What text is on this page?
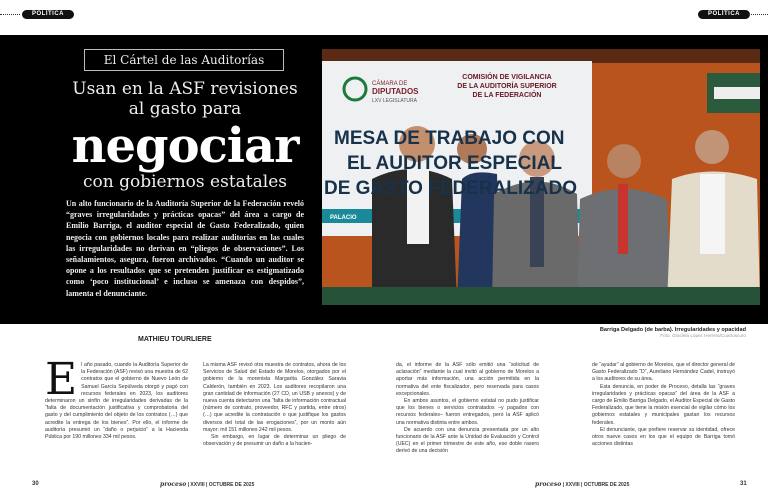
POLÍTICA	POLÍTICA
El Cártel de las Auditorías
Usan en la ASF revisiones
al gasto para
negociar
con gobiernos estatales
Un alto funcionario de la Auditoría Superior de la Federación reveló “graves irregularidades y prácticas opacas” del área a cargo de Emilio Barriga, el auditor especial de Gasto Federalizado, quien negocia con gobiernos locales para realizar auditorías en las cuales las irregularidades no derivan en “pliegos de observaciones”. Los señalamientos, asegura, fueron archivados. “Cuando un auditor se opone a los resultados que se pretenden justificar es estigmatizado como ‘poco institucional’ e incluso se amenaza con despidos”, lamenta el denunciante.
CÁMARA DE
DIPUTADOS
LXV LEGISLATURA
COMISIÓN DE VIGILANCIA
DE LA AUDITORÍA SUPERIOR
DE LA FEDERACIÓN
MESA DE TRABAJO CON
EL AUDITOR ESPECIAL
DE GASTO FEDERALIZADO
PALACIO
Barriga Delgado (de barba). Irregularidades y opacidad
Foto: Graciela López Herrera/Cuartoscuro
MATHIEU TOURLIERE
El año pasado, cuando la Auditoría Superior de la Federación (ASF) revisó una muestra de 62 contratos que el gobierno de Nuevo León de Samuel García Sepúlveda otorgó y pagó con recursos federales en 2023, los auditores determinaron un sinfín de irregularidades derivadas de la “falta de documentación justificativa y comprobatoria del gasto y del cumplimiento del objeto de los contratos (…) que acredite la entrega de los bienes”. Por ello, el informe de auditoría presumió un “daño o perjuicio” a la Hacienda Pública por 190 millones 334 mil pesos.

La misma ASF revisó otra muestra de contratos, ahora de los Servicios de Salud del Estado de Morelos, otorgados por el gobierno de la morenista Margarita González Saravia Calderón, también en 2023. Los auditores recopilaron una gran cantidad de información (27 CD, un USB y anexos) y de nueva cuenta detectaron una “falta de información contractual (número de contrato, proveedor, RFC y partida, entre otros) (…) que acredite la contratación o que justifique los gastos diversos del total de las erogaciones”, por un monto aún mayor: mil 151 millones 242 mil pesos.

Sin embargo, en lugar de determinar un pliego de observación y de presumir un daño a la hacien-

da, el informe de la ASF sólo emitió una “solicitud de aclaración” mediante la cual invitó al gobierno de Morelos a aportar más información, una acción permitida en la normativa del ente fiscalizador, pero reservada para casos excepcionales.

En ambos asuntos, el gobierno estatal no pudo justificar que los bienes o servicios contratados –y pagados con recursos federales– fueron entregados, pero la ASF aplicó una normativa distinta entre ambos.

De acuerdo con una denuncia presentada por un alto funcionario de la ASF ante la Unidad de Evaluación y Control (UEC) en el primer trimestre de este año, ese doble rasero derivó de una decisión

de “ayudar” al gobierno de Morelos, que el director general de Gasto Federalizado “D”, Aureliano Hernández Cadel, instruyó a los auditores de su área.

Esta denuncia, en poder de Proceso, detalla las “graves irregularidades y prácticas opacas” del área de la ASF a cargo de Emilio Barriga Delgado, el Auditor Especial de Gasto Federalizado, que tiene la misión esencial de vigilar cómo los gobiernos estatales y municipales gastan los recursos federales.

El denunciante, que prefiere reservar su identidad, ofrece otros nueve casos en los que el equipo de Barriga tomó acciones distintas

30	proceso | XXVIII | OCTUBRE DE 2025	proceso | XXVIII | OCTUBRE DE 2025	31
